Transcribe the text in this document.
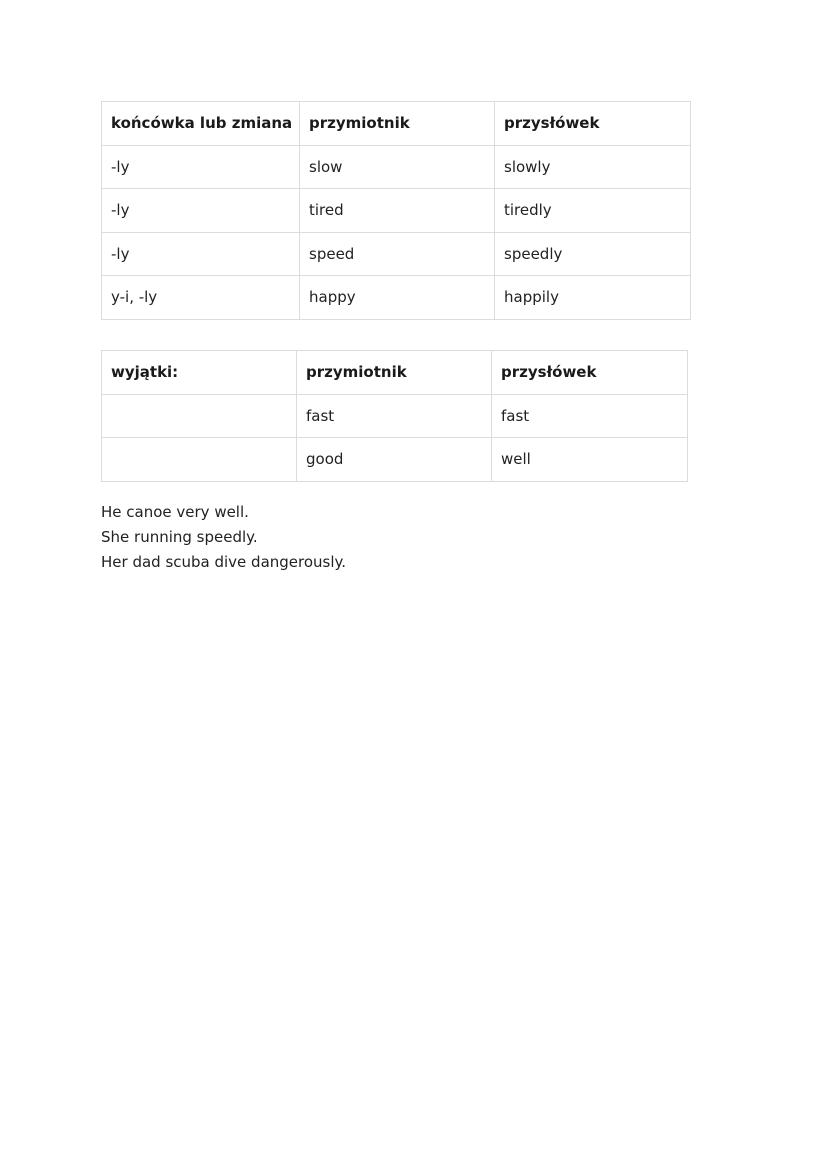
końcówka lub zmiana	przymiotnik	przysłówek
-ly	slow	slowly
-ly	tired	tiredly
-ly	speed	speedly
y-i, -ly	happy	happily
wyjątki:	przymiotnik	przysłówek
	fast	fast
	good	well
He canoe very well.
She running speedly.
Her dad scuba dive dangerously.
